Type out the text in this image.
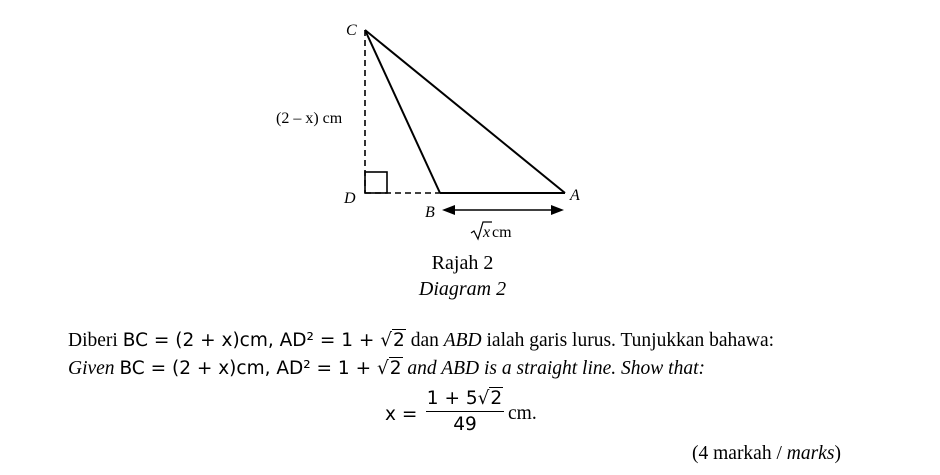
C
D
B
A
(2 – x) cm
x cm
Rajah 2
Diagram 2
Diberi BC = (2 + x)cm, AD² = 1 + √2 dan ABD ialah garis lurus. Tunjukkan bahawa:
Given BC = (2 + x)cm, AD² = 1 + √2 and ABD is a straight line. Show that:
x =
1 + 5√2
49
cm.
(4 markah / marks)
